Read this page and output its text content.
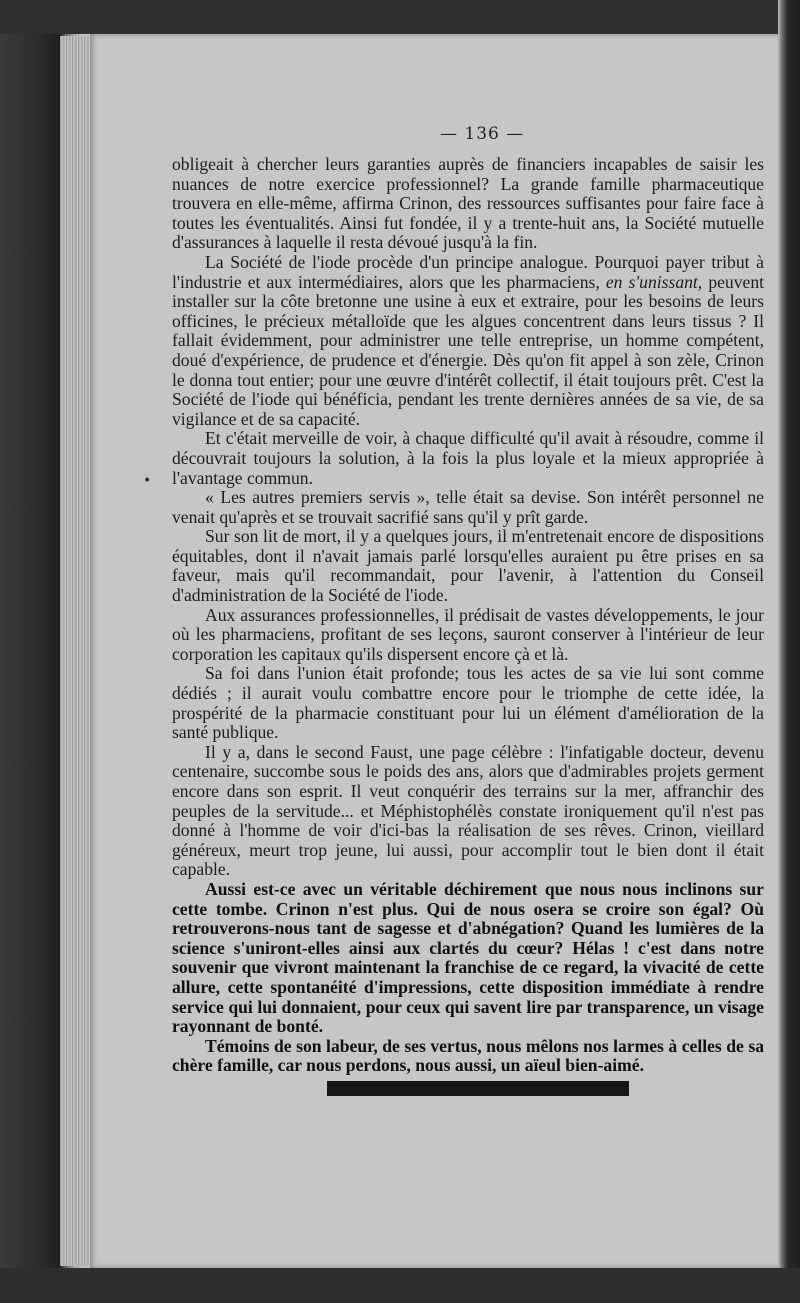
— 136 —
•

obligeait à chercher leurs garanties auprès de financiers incapables de saisir les nuances de notre exercice professionnel? La grande famille pharmaceutique trouvera en elle-même, affirma Crinon, des ressources suffisantes pour faire face à toutes les éventualités. Ainsi fut fondée, il y a trente-huit ans, la Société mutuelle d'assurances à laquelle il resta dévoué jusqu'à la fin.

La Société de l'iode procède d'un principe analogue. Pourquoi payer tribut à l'industrie et aux intermédiaires, alors que les pharmaciens, en s'unissant, peuvent installer sur la côte bretonne une usine à eux et extraire, pour les besoins de leurs officines, le précieux métalloïde que les algues concentrent dans leurs tissus ? Il fallait évidemment, pour administrer une telle entreprise, un homme compétent, doué d'expérience, de prudence et d'énergie. Dès qu'on fit appel à son zèle, Crinon le donna tout entier; pour une œuvre d'intérêt collectif, il était toujours prêt. C'est la Société de l'iode qui bénéficia, pendant les trente dernières années de sa vie, de sa vigilance et de sa capacité.

Et c'était merveille de voir, à chaque difficulté qu'il avait à résoudre, comme il découvrait toujours la solution, à la fois la plus loyale et la mieux appropriée à l'avantage commun.

« Les autres premiers servis », telle était sa devise. Son intérêt personnel ne venait qu'après et se trouvait sacrifié sans qu'il y prît garde.

Sur son lit de mort, il y a quelques jours, il m'entretenait encore de dispositions équitables, dont il n'avait jamais parlé lorsqu'elles auraient pu être prises en sa faveur, mais qu'il recommandait, pour l'avenir, à l'attention du Conseil d'administration de la Société de l'iode.

Aux assurances professionnelles, il prédisait de vastes développements, le jour où les pharmaciens, profitant de ses leçons, sauront conserver à l'intérieur de leur corporation les capitaux qu'ils dispersent encore çà et là.

Sa foi dans l'union était profonde; tous les actes de sa vie lui sont comme dédiés ; il aurait voulu combattre encore pour le triomphe de cette idée, la prospérité de la pharmacie constituant pour lui un élément d'amélioration de la santé publique.

Il y a, dans le second Faust, une page célèbre : l'infatigable docteur, devenu centenaire, succombe sous le poids des ans, alors que d'admirables projets germent encore dans son esprit. Il veut conquérir des terrains sur la mer, affranchir des peuples de la servitude... et Méphistophélès constate ironiquement qu'il n'est pas donné à l'homme de voir d'ici-bas la réalisation de ses rêves. Crinon, vieillard généreux, meurt trop jeune, lui aussi, pour accomplir tout le bien dont il était capable.

Aussi est-ce avec un véritable déchirement que nous nous inclinons sur cette tombe. Crinon n'est plus. Qui de nous osera se croire son égal? Où retrouverons-nous tant de sagesse et d'abnégation? Quand les lumières de la science s'uniront-elles ainsi aux clartés du cœur? Hélas ! c'est dans notre souvenir que vivront maintenant la franchise de ce regard, la vivacité de cette allure, cette spontanéité d'impressions, cette disposition immédiate à rendre service qui lui donnaient, pour ceux qui savent lire par transparence, un visage rayonnant de bonté.

Témoins de son labeur, de ses vertus, nous mêlons nos larmes à celles de sa chère famille, car nous perdons, nous aussi, un aïeul bien-aimé.
